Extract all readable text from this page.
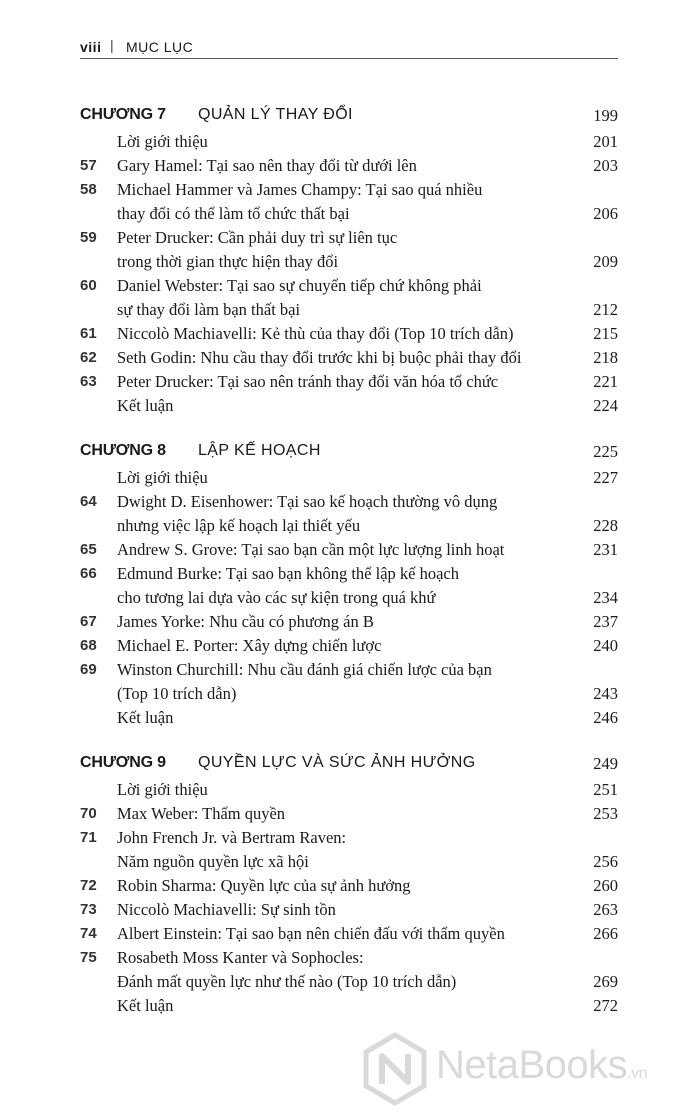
viii | MỤC LỤC
CHƯƠNG 7 QUẢN LÝ THAY ĐỔI	199
Lời giới thiệu	201
57	Gary Hamel: Tại sao nên thay đổi từ dưới lên	203
58	Michael Hammer và James Champy: Tại sao quá nhiều
thay đổi có thể làm tổ chức thất bại	206
59	Peter Drucker: Cần phải duy trì sự liên tục
trong thời gian thực hiện thay đổi	209
60	Daniel Webster: Tại sao sự chuyển tiếp chứ không phải
sự thay đổi làm bạn thất bại	212
61	Niccolò Machiavelli: Kẻ thù của thay đổi (Top 10 trích dẫn)	215
62	Seth Godin: Nhu cầu thay đổi trước khi bị buộc phải thay đổi	218
63	Peter Drucker: Tại sao nên tránh thay đổi văn hóa tổ chức	221
Kết luận	224
CHƯƠNG 8 LẬP KẾ HOẠCH	225
Lời giới thiệu	227
64	Dwight D. Eisenhower: Tại sao kế hoạch thường vô dụng
nhưng việc lập kế hoạch lại thiết yếu	228
65	Andrew S. Grove: Tại sao bạn cần một lực lượng linh hoạt	231
66	Edmund Burke: Tại sao bạn không thể lập kế hoạch
cho tương lai dựa vào các sự kiện trong quá khứ	234
67	James Yorke: Nhu cầu có phương án B	237
68	Michael E. Porter: Xây dựng chiến lược	240
69	Winston Churchill: Nhu cầu đánh giá chiến lược của bạn
(Top 10 trích dẫn)	243
Kết luận	246
CHƯƠNG 9 QUYỀN LỰC VÀ SỨC ẢNH HƯỞNG	249
Lời giới thiệu	251
70	Max Weber: Thẩm quyền	253
71	John French Jr. và Bertram Raven:
Năm nguồn quyền lực xã hội	256
72	Robin Sharma: Quyền lực của sự ảnh hưởng	260
73	Niccolò Machiavelli: Sự sinh tồn	263
74	Albert Einstein: Tại sao bạn nên chiến đấu với thẩm quyền	266
75	Rosabeth Moss Kanter và Sophocles:
Đánh mất quyền lực như thế nào (Top 10 trích dẫn)	269
Kết luận	272
NetaBooks.vn
